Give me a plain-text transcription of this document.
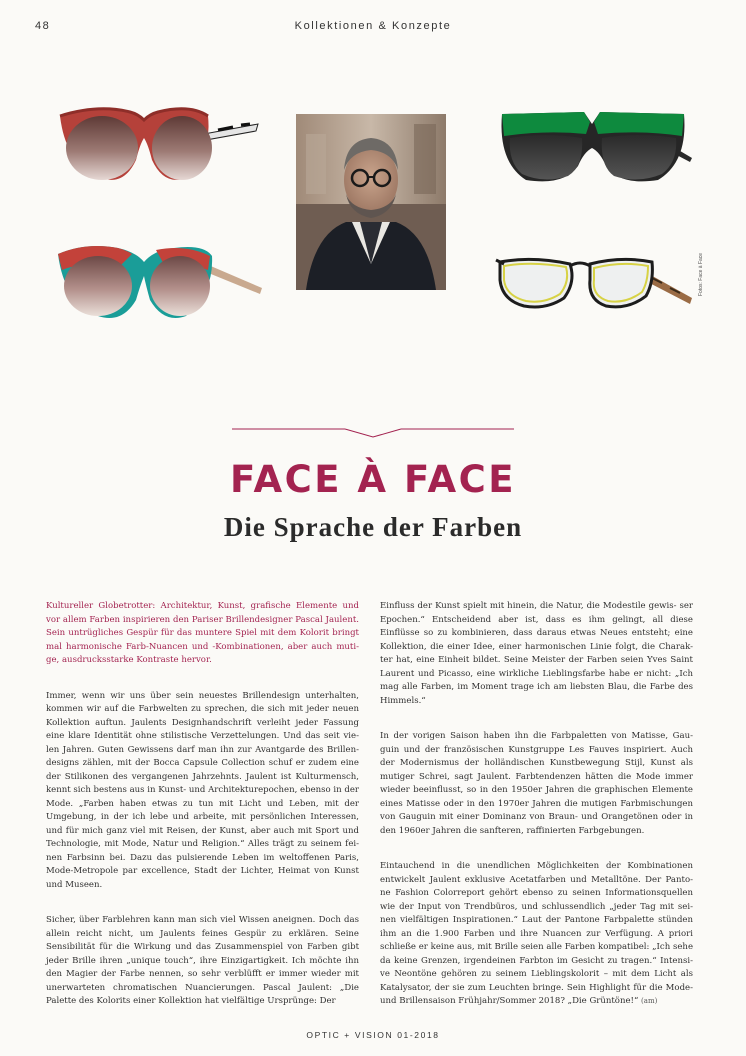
48	Kollektionen & Konzepte
Fotos: Face à Face
FACE À FACE
Die Sprache der Farben

Kultureller Globetrotter: Architektur, Kunst, grafische Elemente und vor allem Farben inspirieren den Pariser Brillendesigner Pascal Jaulent. Sein untrügliches Gespür für das muntere Spiel mit dem Kolorit bringt mal harmonische Farb-Nuancen und -Kombinationen, aber auch muti- ge, ausdrucksstarke Kontraste hervor.

Immer, wenn wir uns über sein neuestes Brillendesign unterhalten, kommen wir auf die Farbwelten zu sprechen, die sich mit jeder neuen Kollektion auftun. Jaulents Designhandschrift verleiht jeder Fassung eine klare Identität ohne stilistische Verzettelungen. Und das seit vie- len Jahren. Guten Gewissens darf man ihn zur Avantgarde des Brillen- designs zählen, mit der Bocca Capsule Collection schuf er zudem eine der Stilikonen des vergangenen Jahrzehnts. Jaulent ist Kulturmensch, kennt sich bestens aus in Kunst- und Architekturepochen, ebenso in der Mode. „Farben haben etwas zu tun mit Licht und Leben, mit der Umgebung, in der ich lebe und arbeite, mit persönlichen Interessen, und für mich ganz viel mit Reisen, der Kunst, aber auch mit Sport und Technologie, mit Mode, Natur und Religion.“ Alles trägt zu seinem fei- nen Farbsinn bei. Dazu das pulsierende Leben im weltoffenen Paris, Mode-Metropole par excellence, Stadt der Lichter, Heimat von Kunst und Museen.

Sicher, über Farblehren kann man sich viel Wissen aneignen. Doch das allein reicht nicht, um Jaulents feines Gespür zu erklären. Seine Sensibilität für die Wirkung und das Zusammenspiel von Farben gibt jeder Brille ihren „unique touch“, ihre Einzigartigkeit. Ich möchte ihn den Magier der Farbe nennen, so sehr verblüfft er immer wieder mit unerwarteten chromatischen Nuancierungen. Pascal Jaulent: „Die Palette des Kolorits einer Kollektion hat vielfältige Ursprünge: Der

Einfluss der Kunst spielt mit hinein, die Natur, die Modestile gewis- ser Epochen.“ Entscheidend aber ist, dass es ihm gelingt, all diese Einflüsse so zu kombinieren, dass daraus etwas Neues entsteht; eine Kollektion, die einer Idee, einer harmonischen Linie folgt, die Charak- ter hat, eine Einheit bildet. Seine Meister der Farben seien Yves Saint Laurent und Picasso, eine wirkliche Lieblingsfarbe habe er nicht: „Ich mag alle Farben, im Moment trage ich am liebsten Blau, die Farbe des Himmels.“

In der vorigen Saison haben ihn die Farbpaletten von Matisse, Gau- guin und der französischen Kunstgruppe Les Fauves inspiriert. Auch der Modernismus der holländischen Kunstbewegung Stijl, Kunst als mutiger Schrei, sagt Jaulent. Farbtendenzen hätten die Mode immer wieder beeinflusst, so in den 1950er Jahren die graphischen Elemente eines Matisse oder in den 1970er Jahren die mutigen Farbmischungen von Gauguin mit einer Dominanz von Braun- und Orangetönen oder in den 1960er Jahren die sanfteren, raffinierten Farbgebungen.

Eintauchend in die unendlichen Möglichkeiten der Kombinationen entwickelt Jaulent exklusive Acetatfarben und Metalltöne. Der Panto- ne Fashion Colorreport gehört ebenso zu seinen Informationsquellen wie der Input von Trendbüros, und schlussendlich „jeder Tag mit sei- nen vielfältigen Inspirationen.“ Laut der Pantone Farbpalette stünden ihm an die 1.900 Farben und ihre Nuancen zur Verfügung. A priori schließe er keine aus, mit Brille seien alle Farben kompatibel: „Ich sehe da keine Grenzen, irgendeinen Farbton im Gesicht zu tragen.“ Intensi- ve Neontöne gehören zu seinem Lieblingskolorit – mit dem Licht als Katalysator, der sie zum Leuchten bringe. Sein Highlight für die Mode- und Brillensaison Frühjahr/Sommer 2018? „Die Grüntöne!“ (am)

OPTIC + VISION 01-2018
